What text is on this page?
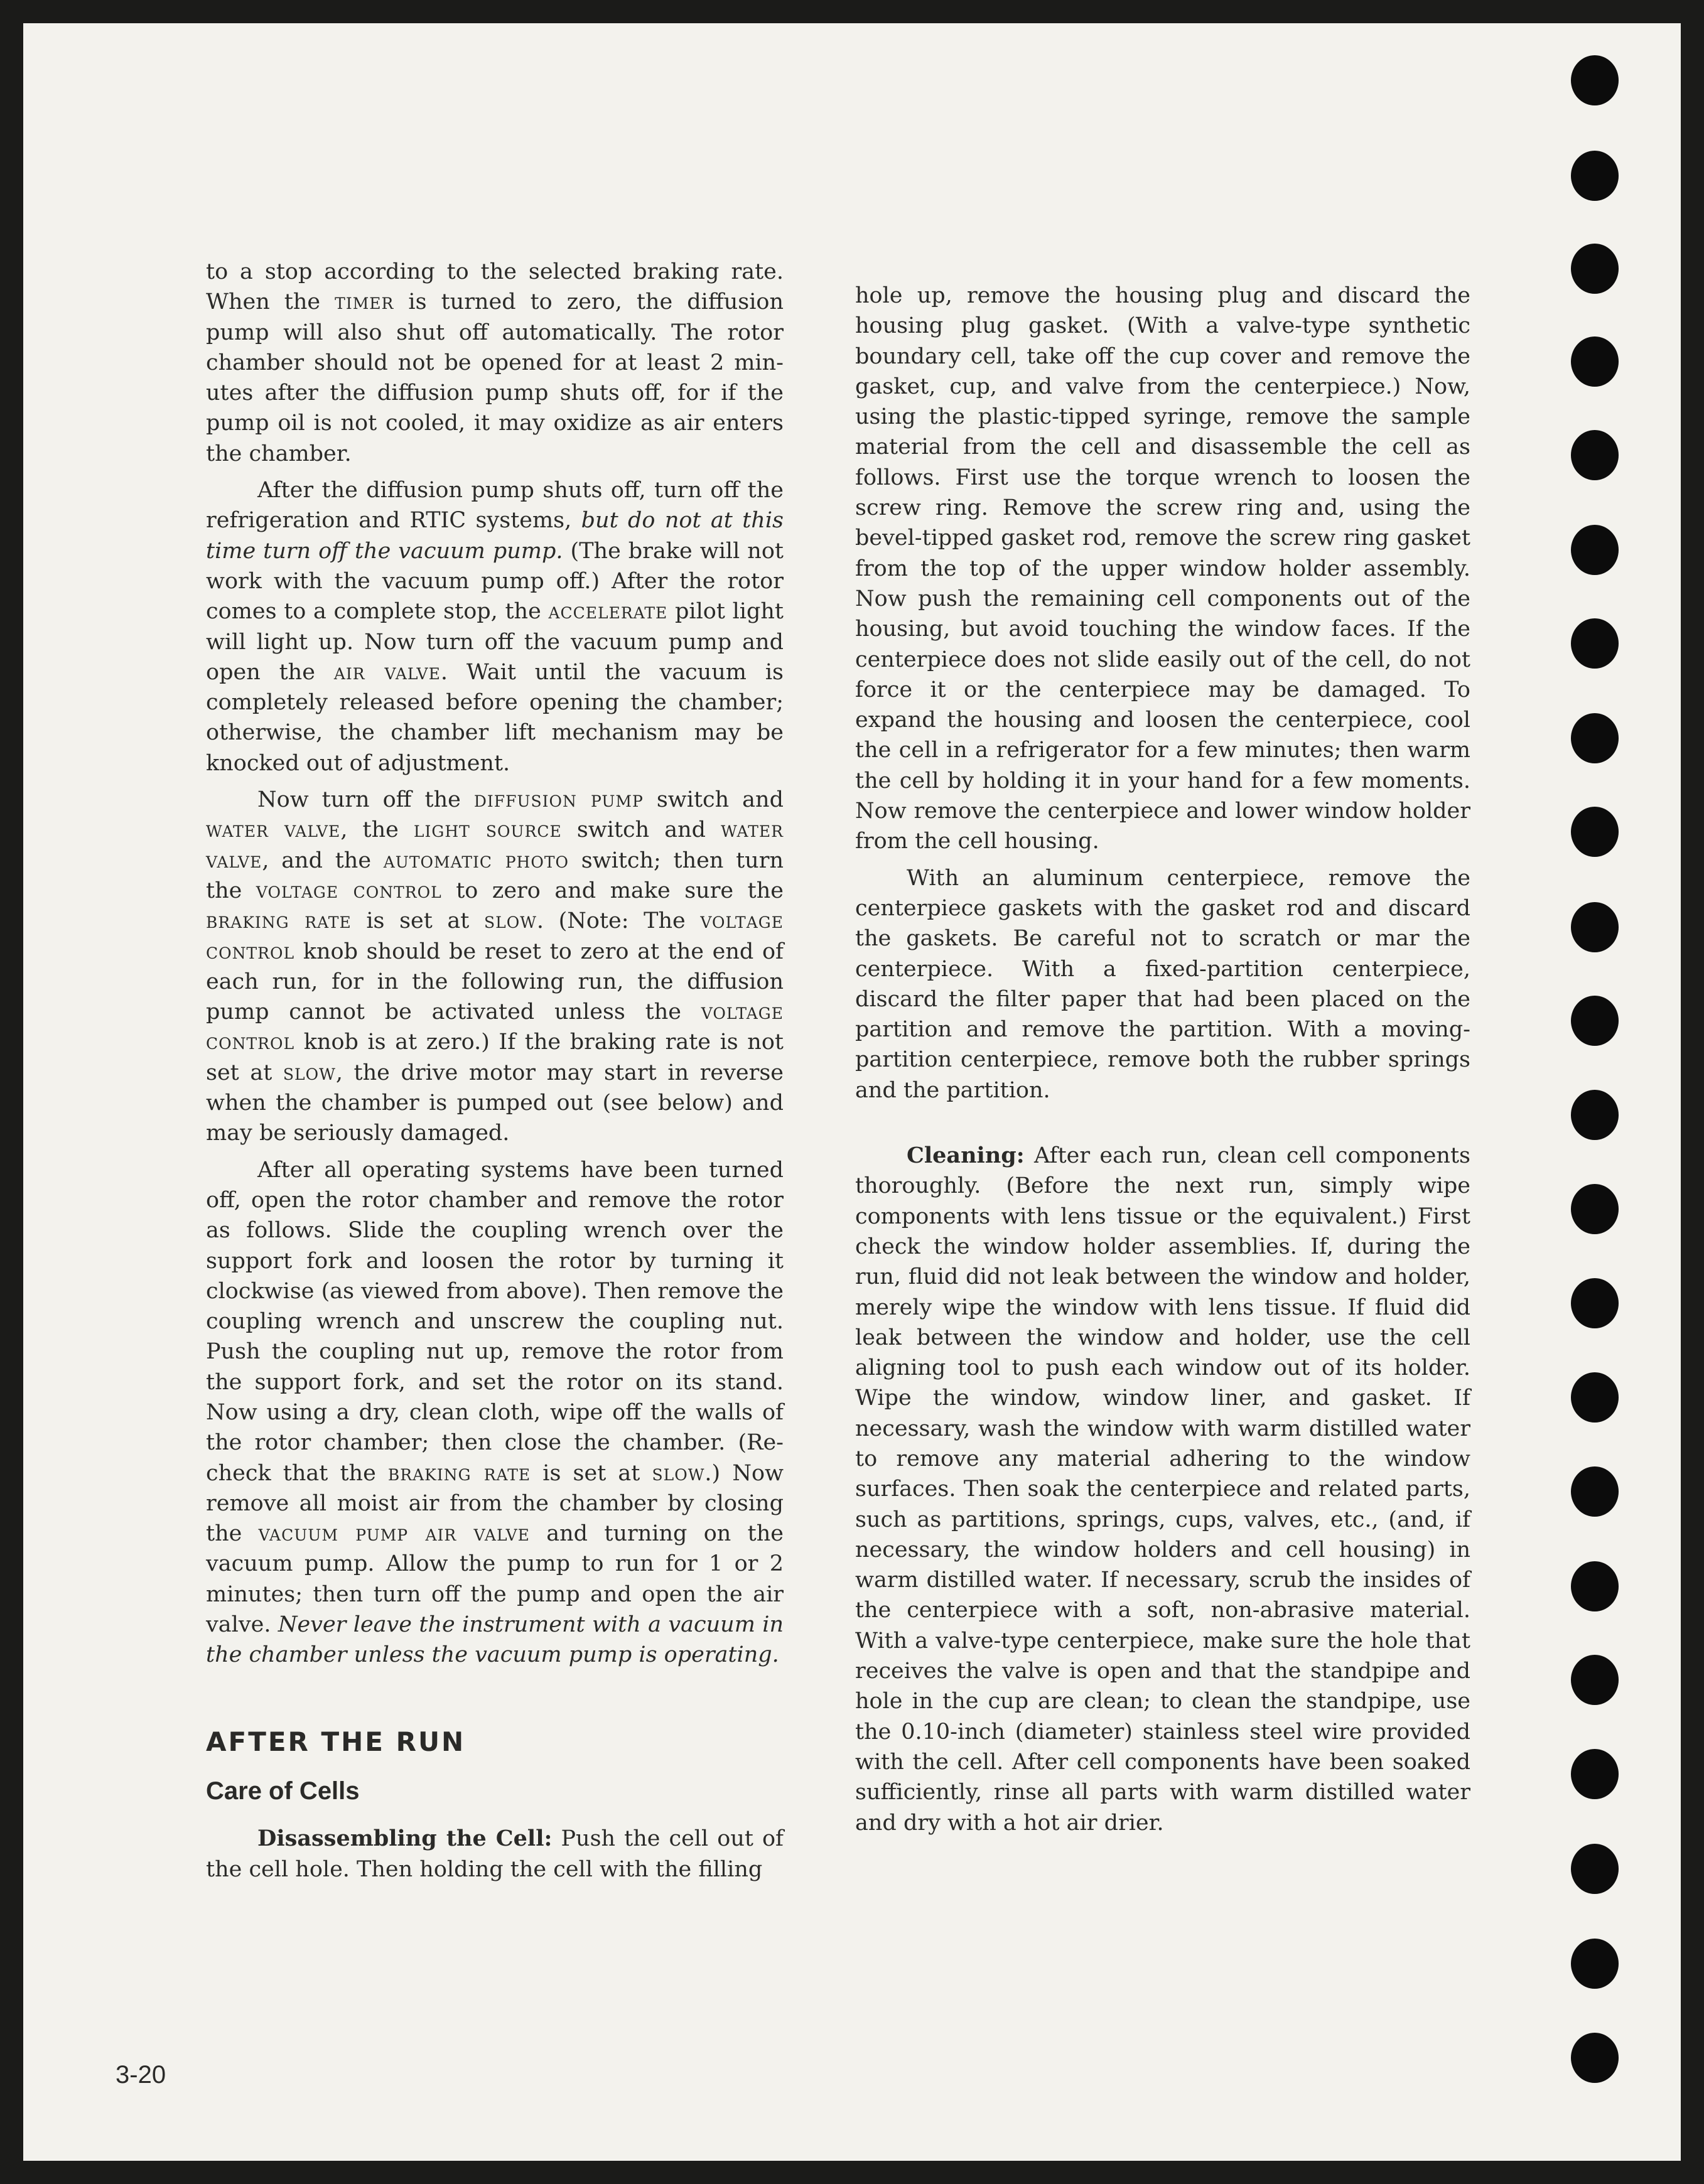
to a stop according to the selected braking rate. When the timer is turned to zero, the diffusion pump will also shut off automatically. The rotor chamber should not be opened for at least 2 minutes after the diffusion pump shuts off, for if the pump oil is not cooled, it may oxidize as air enters the chamber.

After the diffusion pump shuts off, turn off the refrigeration and RTIC systems, but do not at this time turn off the vacuum pump. (The brake will not work with the vacuum pump off.) After the rotor comes to a complete stop, the accelerate pilot light will light up. Now turn off the vacuum pump and open the air valve. Wait until the vacuum is completely released before opening the chamber; otherwise, the chamber lift mechanism may be knocked out of adjustment.

Now turn off the diffusion pump switch and water valve, the light source switch and water valve, and the automatic photo switch; then turn the voltage control to zero and make sure the braking rate is set at slow. (Note: The voltage control knob should be reset to zero at the end of each run, for in the following run, the diffusion pump cannot be activated unless the voltage control knob is at zero.) If the braking rate is not set at slow, the drive motor may start in reverse when the chamber is pumped out (see below) and may be seriously damaged.

After all operating systems have been turned off, open the rotor chamber and remove the rotor as follows. Slide the coupling wrench over the support fork and loosen the rotor by turning it clockwise (as viewed from above). Then remove the coupling wrench and unscrew the coupling nut. Push the coupling nut up, remove the rotor from the support fork, and set the rotor on its stand. Now using a dry, clean cloth, wipe off the walls of the rotor chamber; then close the chamber. (Re-check that the braking rate is set at slow.) Now remove all moist air from the chamber by closing the vacuum pump air valve and turning on the vacuum pump. Allow the pump to run for 1 or 2 minutes; then turn off the pump and open the air valve. Never leave the instrument with a vacuum in the chamber unless the vacuum pump is operating.

AFTER THE RUN
Care of Cells

Disassembling the Cell: Push the cell out of the cell hole. Then holding the cell with the filling

hole up, remove the housing plug and discard the housing plug gasket. (With a valve-type synthetic boundary cell, take off the cup cover and remove the gasket, cup, and valve from the centerpiece.) Now, using the plastic-tipped syringe, remove the sample material from the cell and disassemble the cell as follows. First use the torque wrench to loosen the screw ring. Remove the screw ring and, using the bevel-tipped gasket rod, remove the screw ring gasket from the top of the upper window holder assembly. Now push the remaining cell components out of the housing, but avoid touching the window faces. If the centerpiece does not slide easily out of the cell, do not force it or the centerpiece may be damaged. To expand the housing and loosen the centerpiece, cool the cell in a refrigerator for a few minutes; then warm the cell by holding it in your hand for a few moments. Now remove the centerpiece and lower window holder from the cell housing.

With an aluminum centerpiece, remove the centerpiece gaskets with the gasket rod and discard the gaskets. Be careful not to scratch or mar the centerpiece. With a fixed-partition centerpiece, discard the filter paper that had been placed on the partition and remove the partition. With a moving-partition centerpiece, remove both the rubber springs and the partition.

Cleaning: After each run, clean cell components thoroughly. (Before the next run, simply wipe components with lens tissue or the equivalent.) First check the window holder assemblies. If, during the run, fluid did not leak between the window and holder, merely wipe the window with lens tissue. If fluid did leak between the window and holder, use the cell aligning tool to push each window out of its holder. Wipe the window, window liner, and gasket. If necessary, wash the window with warm distilled water to remove any material adhering to the window surfaces. Then soak the centerpiece and related parts, such as partitions, springs, cups, valves, etc., (and, if necessary, the window holders and cell housing) in warm distilled water. If necessary, scrub the insides of the centerpiece with a soft, non-abrasive material. With a valve-type centerpiece, make sure the hole that receives the valve is open and that the standpipe and hole in the cup are clean; to clean the standpipe, use the 0.10-inch (diameter) stainless steel wire provided with the cell. After cell components have been soaked sufficiently, rinse all parts with warm distilled water and dry with a hot air drier.

3-20
